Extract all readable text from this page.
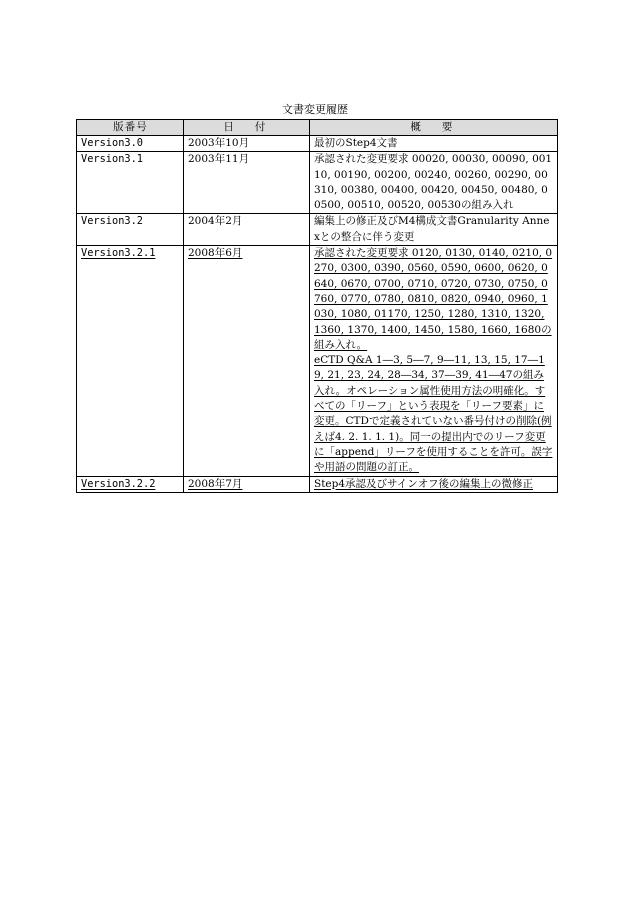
文書変更履歴
版番号	日　付	概　要
Version3.0	2003年10月	最初のStep4文書

Version3.1	2003年11月	承認された変更要求 00020, 00030, 00090, 00110, 00190, 00200, 00240, 00260, 00290, 00310, 00380, 00400, 00420, 00450, 00480, 00500, 00510, 00520, 00530の組み入れ

Version3.2	2004年2月	編集上の修正及びM4構成文書Granularity Annexとの整合に伴う変更

Version3.2.1	2008年6月	承認された変更要求 0120, 0130, 0140, 0210, 0270, 0300, 0390, 0560, 0590, 0600, 0620, 0640, 0670, 0700, 0710, 0720, 0730, 0750, 0760, 0770, 0780, 0810, 0820, 0940, 0960, 1030, 1080, 01170, 1250, 1280, 1310, 1320, 1360, 1370, 1400, 1450, 1580, 1660, 1680の組み入れ。

eCTD Q&A 1―3, 5―7, 9―11, 13, 15, 17―19, 21, 23, 24, 28―34, 37―39, 41―47の組み入れ。オペレーション属性使用方法の明確化。すべての「リーフ」という表現を「リーフ要素」に変更。CTDで定義されていない番号付けの削除(例えば4. 2. 1. 1. 1)。同一の提出内でのリーフ変更に「append」リーフを使用することを許可。誤字や用語の問題の訂正。

Version3.2.2	2008年7月	Step4承認及びサインオフ後の編集上の微修正
